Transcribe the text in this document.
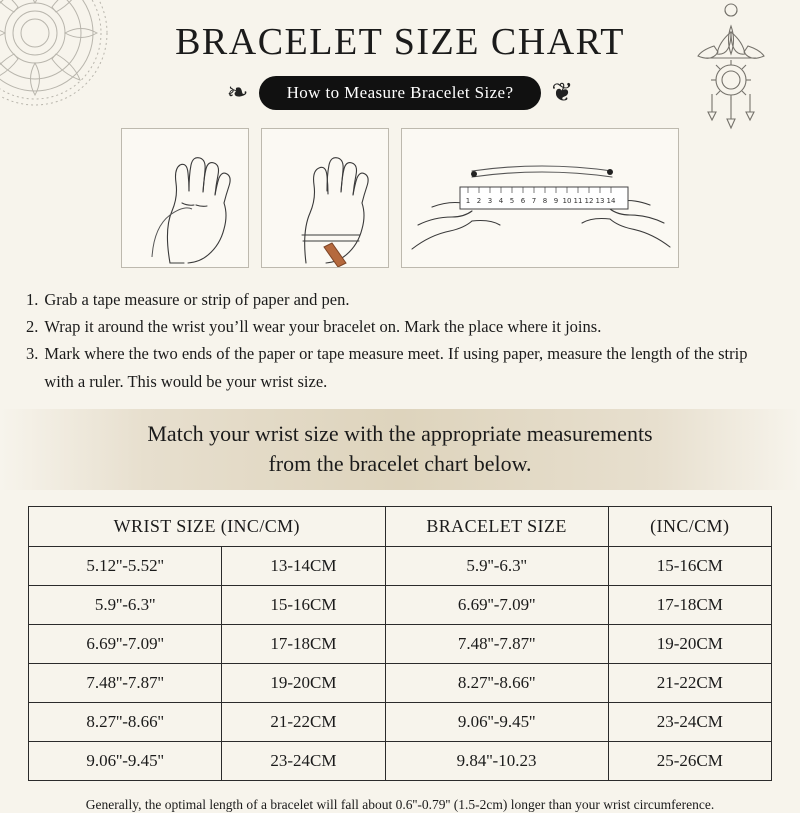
BRACELET SIZE CHART
❧	How to Measure Bracelet Size?	❦
1 2 3 4 5 6 7 8 9 10 11 12 13 14
1. Grab a tape measure or strip of paper and pen.
2. Wrap it around the wrist you’ll wear your bracelet on. Mark the place where it joins.
3. Mark where the two ends of the paper or tape measure meet. If using paper, measure the length of the strip with a ruler. This would be your wrist size.
Match your wrist size with the appropriate measurements
from the bracelet chart below.
WRIST SIZE (INC/CM)		BRACELET SIZE	(INC/CM)
5.12''-5.52''	13-14CM	5.9''-6.3''	15-16CM
5.9''-6.3''	15-16CM	6.69''-7.09''	17-18CM
6.69''-7.09''	17-18CM	7.48''-7.87''	19-20CM
7.48''-7.87''	19-20CM	8.27''-8.66''	21-22CM
8.27''-8.66''	21-22CM	9.06''-9.45''	23-24CM
9.06''-9.45''	23-24CM	9.84''-10.23	25-26CM
Generally, the optimal length of a bracelet will fall about 0.6''-0.79'' (1.5-2cm) longer than your wrist circumference.
